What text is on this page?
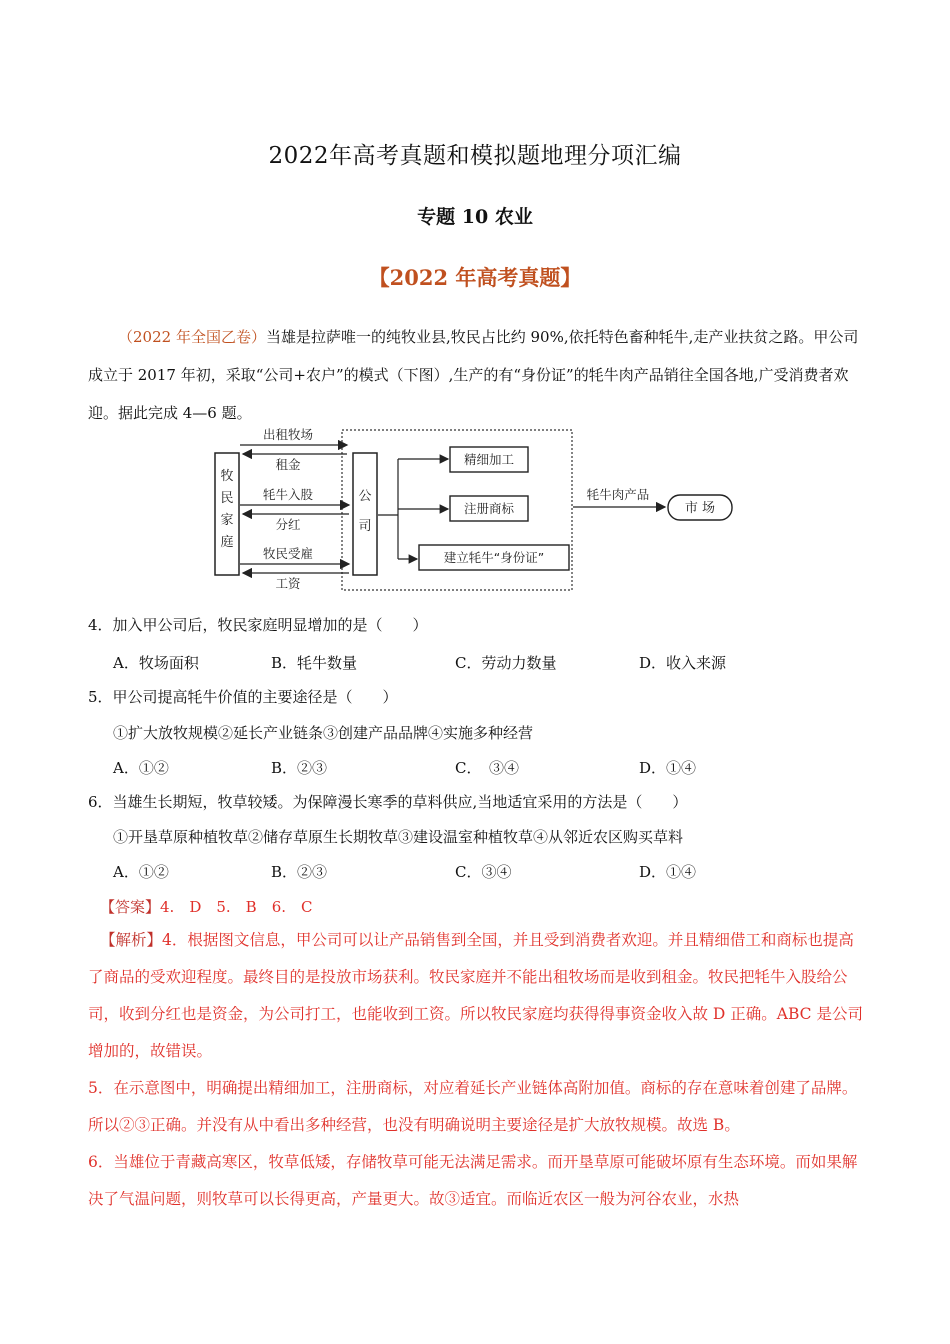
2022年高考真题和模拟题地理分项汇编
专题 10 农业
【2022 年高考真题】
（2022 年全国乙卷）当雄是拉萨唯一的纯牧业县,牧民占比约 90%,依托特色畜种牦牛,走产业扶贫之路。甲公司成立于 2017 年初，采取“公司+农户”的模式（下图）,生产的有“身份证”的牦牛肉产品销往全国各地,广受消费者欢迎。据此完成 4—6 题。
牧
民
家
庭
公
司
出租牧场
租金
牦牛入股
分红
牧民受雇
工资
精细加工
注册商标
建立牦牛“身份证”
牦牛肉产品
市 场
4．加入甲公司后，牧民家庭明显增加的是（　　）
A．牧场面积	B．牦牛数量	C．劳动力数量	D．收入来源
5．甲公司提高牦牛价值的主要途径是（　　）
①扩大放牧规模②延长产业链条③创建产品品牌④实施多种经营
A．①②	B．②③	C．　③④	D．①④
6．当雄生长期短，牧草较矮。为保障漫长寒季的草料供应,当地适宜采用的方法是（　　）
①开垦草原种植牧草②储存草原生长期牧草③建设温室种植牧草④从邻近农区购买草料
A．①②	B．②③	C．③④	D．①④
【答案】4.　D　5.　B　6.　C

【解析】4．根据图文信息，甲公司可以让产品销售到全国，并且受到消费者欢迎。并且精细借工和商标也提高了商品的受欢迎程度。最终目的是投放市场获利。牧民家庭并不能出租牧场而是收到租金。牧民把牦牛入股给公司，收到分红也是资金，为公司打工，也能收到工资。所以牧民家庭均获得得事资金收入故 D 正确。ABC 是公司增加的，故错误。

5．在示意图中，明确提出精细加工，注册商标，对应着延长产业链体高附加值。商标的存在意味着创建了品牌。所以②③正确。并没有从中看出多种经营，也没有明确说明主要途径是扩大放牧规模。故选 B。

6．当雄位于青藏高寒区，牧草低矮，存储牧草可能无法满足需求。而开垦草原可能破坏原有生态环境。而如果解决了气温问题，则牧草可以长得更高，产量更大。故③适宜。而临近农区一般为河谷农业，水热
